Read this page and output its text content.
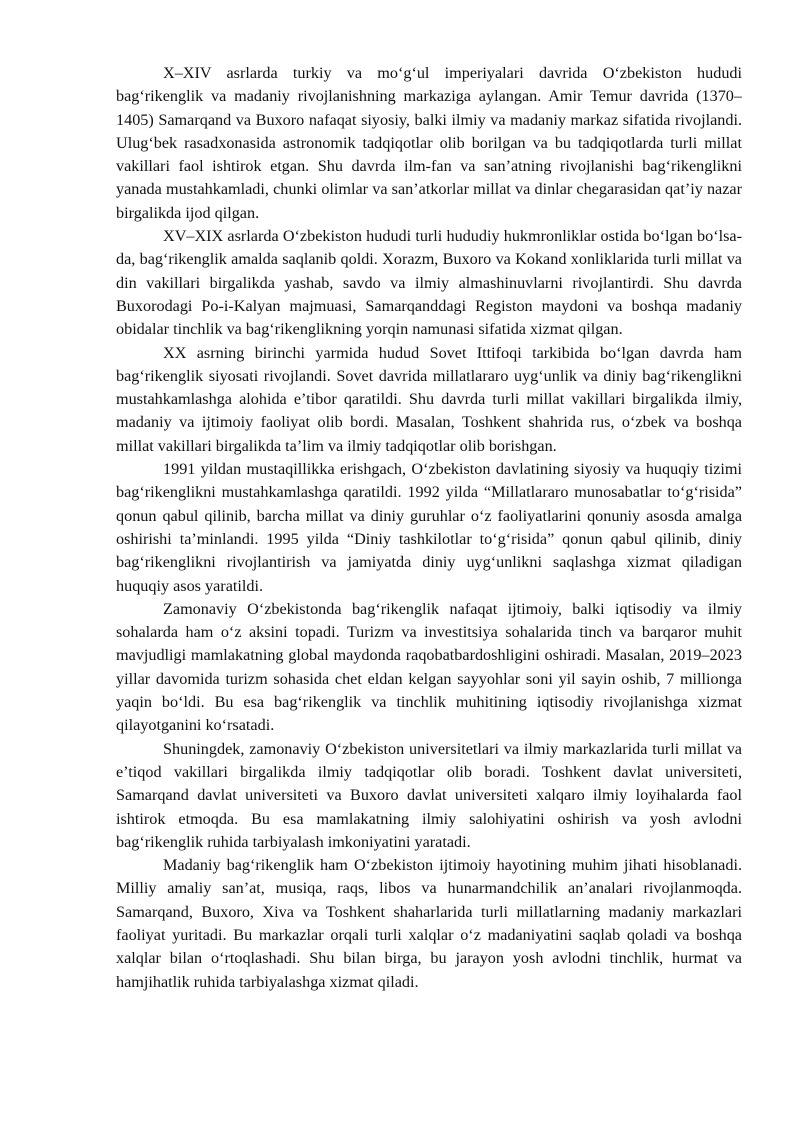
X–XIV asrlarda turkiy va mo‘g‘ul imperiyalari davrida O‘zbekiston hududi bag‘rikenglik va madaniy rivojlanishning markaziga aylangan. Amir Temur davrida (1370–1405) Samarqand va Buxoro nafaqat siyosiy, balki ilmiy va madaniy markaz sifatida rivojlandi. Ulug‘bek rasadxonasida astronomik tadqiqotlar olib borilgan va bu tadqiqotlarda turli millat vakillari faol ishtirok etgan. Shu davrda ilm-fan va san’atning rivojlanishi bag‘rikenglikni yanada mustahkamladi, chunki olimlar va san’atkorlar millat va dinlar chegarasidan qat’iy nazar birgalikda ijod qilgan.

XV–XIX asrlarda O‘zbekiston hududi turli hududiy hukmronliklar ostida bo‘lgan bo‘lsa-da, bag‘rikenglik amalda saqlanib qoldi. Xorazm, Buxoro va Kokand xonliklarida turli millat va din vakillari birgalikda yashab, savdo va ilmiy almashinuvlarni rivojlantirdi. Shu davrda Buxorodagi Po-i-Kalyan majmuasi, Samarqanddagi Registon maydoni va boshqa madaniy obidalar tinchlik va bag‘rikenglikning yorqin namunasi sifatida xizmat qilgan.

XX asrning birinchi yarmida hudud Sovet Ittifoqi tarkibida bo‘lgan davrda ham bag‘rikenglik siyosati rivojlandi. Sovet davrida millatlararo uyg‘unlik va diniy bag‘rikenglikni mustahkamlashga alohida e’tibor qaratildi. Shu davrda turli millat vakillari birgalikda ilmiy, madaniy va ijtimoiy faoliyat olib bordi. Masalan, Toshkent shahrida rus, o‘zbek va boshqa millat vakillari birgalikda ta’lim va ilmiy tadqiqotlar olib borishgan.

1991 yildan mustaqillikka erishgach, O‘zbekiston davlatining siyosiy va huquqiy tizimi bag‘rikenglikni mustahkamlashga qaratildi. 1992 yilda “Millatlararo munosabatlar to‘g‘risida” qonun qabul qilinib, barcha millat va diniy guruhlar o‘z faoliyatlarini qonuniy asosda amalga oshirishi ta’minlandi. 1995 yilda “Diniy tashkilotlar to‘g‘risida” qonun qabul qilinib, diniy bag‘rikenglikni rivojlantirish va jamiyatda diniy uyg‘unlikni saqlashga xizmat qiladigan huquqiy asos yaratildi.

Zamonaviy O‘zbekistonda bag‘rikenglik nafaqat ijtimoiy, balki iqtisodiy va ilmiy sohalarda ham o‘z aksini topadi. Turizm va investitsiya sohalarida tinch va barqaror muhit mavjudligi mamlakatning global maydonda raqobatbardoshligini oshiradi. Masalan, 2019–2023 yillar davomida turizm sohasida chet eldan kelgan sayyohlar soni yil sayin oshib, 7 millionga yaqin bo‘ldi. Bu esa bag‘rikenglik va tinchlik muhitining iqtisodiy rivojlanishga xizmat qilayotganini ko‘rsatadi.

Shuningdek, zamonaviy O‘zbekiston universitetlari va ilmiy markazlarida turli millat va e’tiqod vakillari birgalikda ilmiy tadqiqotlar olib boradi. Toshkent davlat universiteti, Samarqand davlat universiteti va Buxoro davlat universiteti xalqaro ilmiy loyihalarda faol ishtirok etmoqda. Bu esa mamlakatning ilmiy salohiyatini oshirish va yosh avlodni bag‘rikenglik ruhida tarbiyalash imkoniyatini yaratadi.

Madaniy bag‘rikenglik ham O‘zbekiston ijtimoiy hayotining muhim jihati hisoblanadi. Milliy amaliy san’at, musiqa, raqs, libos va hunarmandchilik an’analari rivojlanmoqda. Samarqand, Buxoro, Xiva va Toshkent shaharlarida turli millatlarning madaniy markazlari faoliyat yuritadi. Bu markazlar orqali turli xalqlar o‘z madaniyatini saqlab qoladi va boshqa xalqlar bilan o‘rtoqlashadi. Shu bilan birga, bu jarayon yosh avlodni tinchlik, hurmat va hamjihatlik ruhida tarbiyalashga xizmat qiladi.
